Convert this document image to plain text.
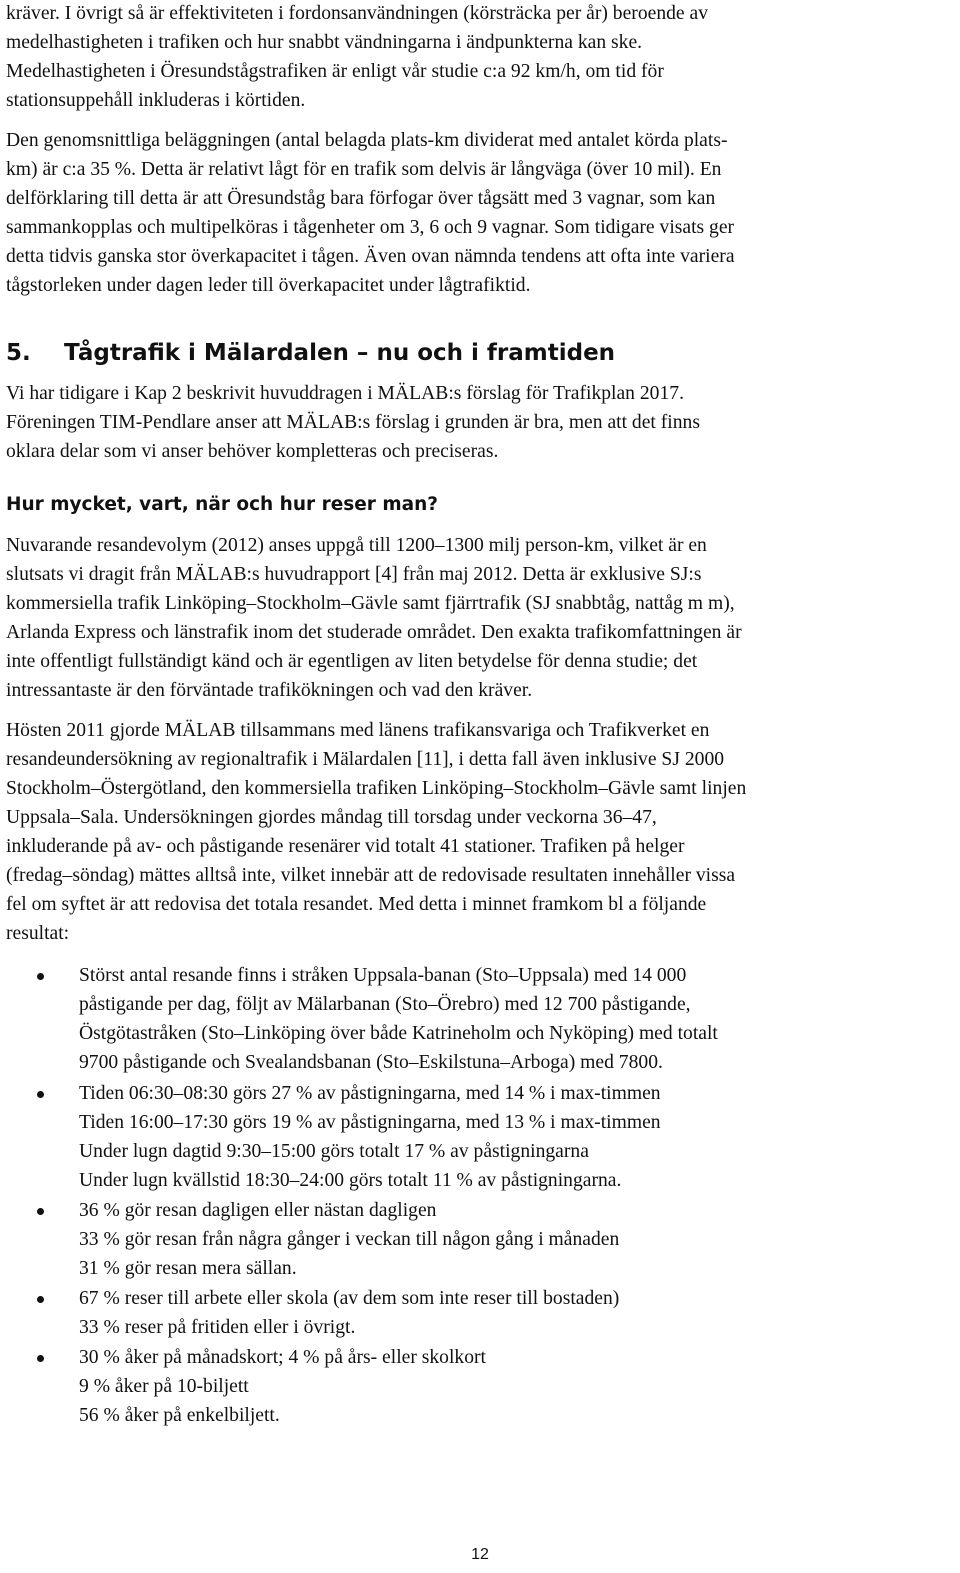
kräver. I övrigt så är effektiviteten i fordonsanvändningen (körsträcka per år) beroende av
medelhastigheten i trafiken och hur snabbt vändningarna i ändpunkterna kan ske.
Medelhastigheten i Öresundstågstrafiken är enligt vår studie c:a 92 km/h, om tid för
stationsuppehåll inkluderas i körtiden.

Den genomsnittliga beläggningen (antal belagda plats-km dividerat med antalet körda plats-
km) är c:a 35 %. Detta är relativt lågt för en trafik som delvis är långväga (över 10 mil). En
delförklaring till detta är att Öresundståg bara förfogar över tågsätt med 3 vagnar, som kan
sammankopplas och multipelköras i tågenheter om 3, 6 och 9 vagnar. Som tidigare visats ger
detta tidvis ganska stor överkapacitet i tågen. Även ovan nämnda tendens att ofta inte variera
tågstorleken under dagen leder till överkapacitet under lågtrafiktid.

5. Tågtrafik i Mälardalen – nu och i framtiden

Vi har tidigare i Kap 2 beskrivit huvuddragen i MÄLAB:s förslag för Trafikplan 2017.
Föreningen TIM-Pendlare anser att MÄLAB:s förslag i grunden är bra, men att det finns
oklara delar som vi anser behöver kompletteras och preciseras.

Hur mycket, vart, när och hur reser man?

Nuvarande resandevolym (2012) anses uppgå till 1200–1300 milj person-km, vilket är en
slutsats vi dragit från MÄLAB:s huvudrapport [4] från maj 2012. Detta är exklusive SJ:s
kommersiella trafik Linköping–Stockholm–Gävle samt fjärrtrafik (SJ snabbtåg, nattåg m m),
Arlanda Express och länstrafik inom det studerade området. Den exakta trafikomfattningen är
inte offentligt fullständigt känd och är egentligen av liten betydelse för denna studie; det
intressantaste är den förväntade trafikökningen och vad den kräver.

Hösten 2011 gjorde MÄLAB tillsammans med länens trafikansvariga och Trafikverket en
resandeundersökning av regionaltrafik i Mälardalen [11], i detta fall även inklusive SJ 2000
Stockholm–Östergötland, den kommersiella trafiken Linköping–Stockholm–Gävle samt linjen
Uppsala–Sala. Undersökningen gjordes måndag till torsdag under veckorna 36–47,
inkluderande på av- och påstigande resenärer vid totalt 41 stationer. Trafiken på helger
(fredag–söndag) mättes alltså inte, vilket innebär att de redovisade resultaten innehåller vissa
fel om syftet är att redovisa det totala resandet. Med detta i minnet framkom bl a följande
resultat:

Störst antal resande finns i stråken Uppsala-banan (Sto–Uppsala) med 14 000
påstigande per dag, följt av Mälarbanan (Sto–Örebro) med 12 700 påstigande,
Östgötastråken (Sto–Linköping över både Katrineholm och Nyköping) med totalt
9700 påstigande och Svealandsbanan (Sto–Eskilstuna–Arboga) med 7800.
Tiden 06:30–08:30 görs 27 % av påstigningarna, med 14 % i max-timmen
Tiden 16:00–17:30 görs 19 % av påstigningarna, med 13 % i max-timmen
Under lugn dagtid 9:30–15:00 görs totalt 17 % av påstigningarna
Under lugn kvällstid 18:30–24:00 görs totalt 11 % av påstigningarna.
36 % gör resan dagligen eller nästan dagligen
33 % gör resan från några gånger i veckan till någon gång i månaden
31 % gör resan mera sällan.
67 % reser till arbete eller skola (av dem som inte reser till bostaden)
33 % reser på fritiden eller i övrigt.
30 % åker på månadskort; 4 % på års- eller skolkort
9 % åker på 10-biljett
56 % åker på enkelbiljett.
12
